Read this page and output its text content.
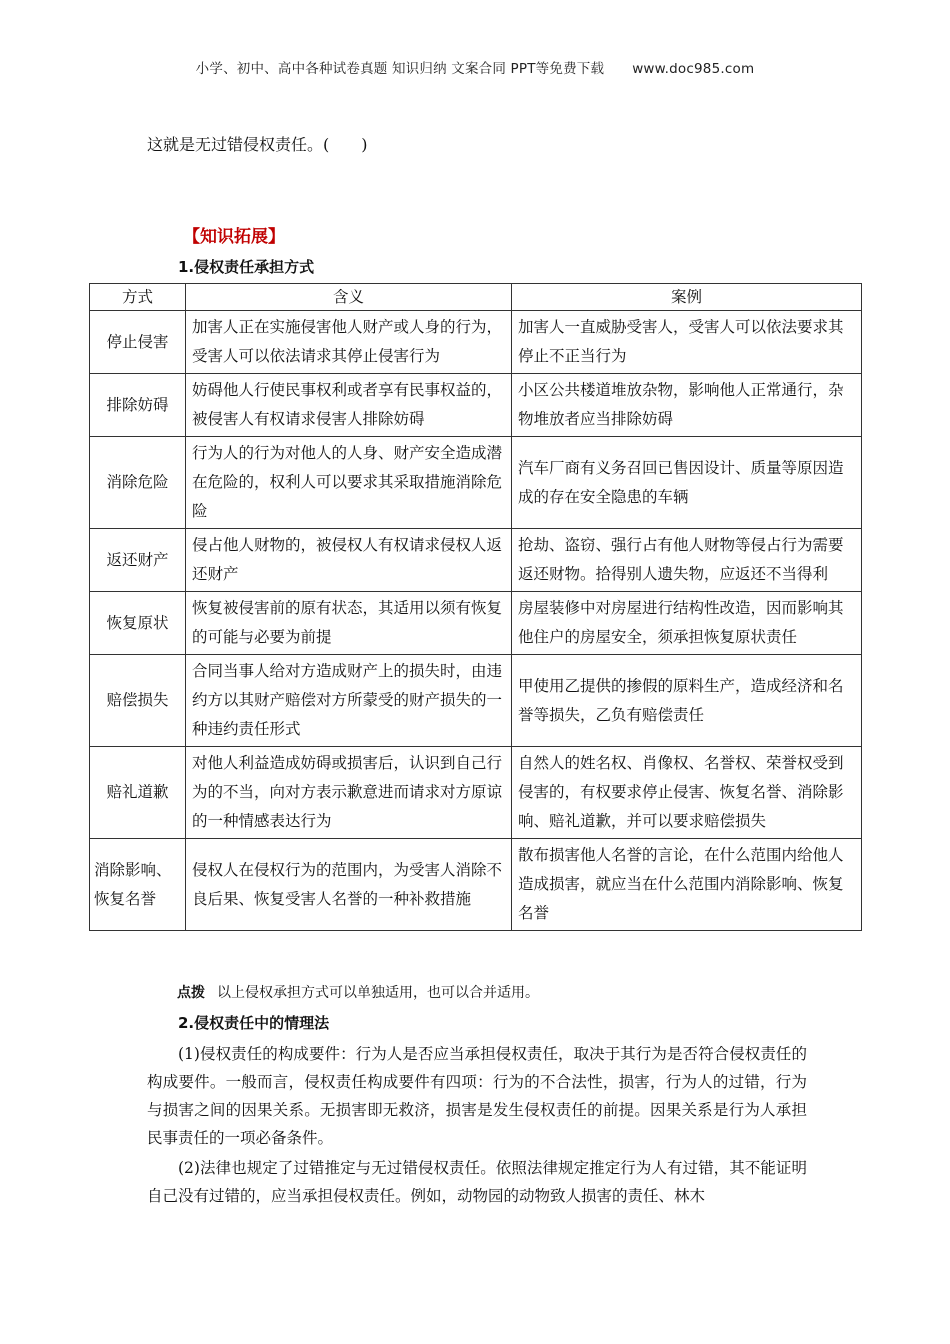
小学、初中、高中各种试卷真题 知识归纳 文案合同 PPT等免费下载 www.doc985.com
这就是无过错侵权责任。(　　)
【知识拓展】
1.侵权责任承担方式
方式	含义	案例
停止侵害	加害人正在实施侵害他人财产或人身的行为，受害人可以依法请求其停止侵害行为	加害人一直威胁受害人，受害人可以依法要求其停止不正当行为
排除妨碍	妨碍他人行使民事权利或者享有民事权益的，被侵害人有权请求侵害人排除妨碍	小区公共楼道堆放杂物，影响他人正常通行，杂物堆放者应当排除妨碍
消除危险	行为人的行为对他人的人身、财产安全造成潜在危险的，权利人可以要求其采取措施消除危险	汽车厂商有义务召回已售因设计、质量等原因造成的存在安全隐患的车辆
返还财产	侵占他人财物的，被侵权人有权请求侵权人返还财产	抢劫、盗窃、强行占有他人财物等侵占行为需要返还财物。拾得别人遗失物，应返还不当得利
恢复原状	恢复被侵害前的原有状态，其适用以须有恢复的可能与必要为前提	房屋装修中对房屋进行结构性改造，因而影响其他住户的房屋安全，须承担恢复原状责任
赔偿损失	合同当事人给对方造成财产上的损失时，由违约方以其财产赔偿对方所蒙受的财产损失的一种违约责任形式	甲使用乙提供的掺假的原料生产，造成经济和名誉等损失，乙负有赔偿责任
赔礼道歉	对他人利益造成妨碍或损害后，认识到自己行为的不当，向对方表示歉意进而请求对方原谅的一种情感表达行为	自然人的姓名权、肖像权、名誉权、荣誉权受到侵害的，有权要求停止侵害、恢复名誉、消除影响、赔礼道歉，并可以要求赔偿损失
消除影响、恢复名誉	侵权人在侵权行为的范围内，为受害人消除不良后果、恢复受害人名誉的一种补救措施	散布损害他人名誉的言论，在什么范围内给他人造成损害，就应当在什么范围内消除影响、恢复名誉
点拨 以上侵权承担方式可以单独适用，也可以合并适用。
2.侵权责任中的情理法

(1)侵权责任的构成要件：行为人是否应当承担侵权责任，取决于其行为是否符合侵权责任的构成要件。一般而言，侵权责任构成要件有四项：行为的不合法性，损害，行为人的过错，行为与损害之间的因果关系。无损害即无救济，损害是发生侵权责任的前提。因果关系是行为人承担民事责任的一项必备条件。

(2)法律也规定了过错推定与无过错侵权责任。依照法律规定推定行为人有过错，其不能证明自己没有过错的，应当承担侵权责任。例如，动物园的动物致人损害的责任、林木
